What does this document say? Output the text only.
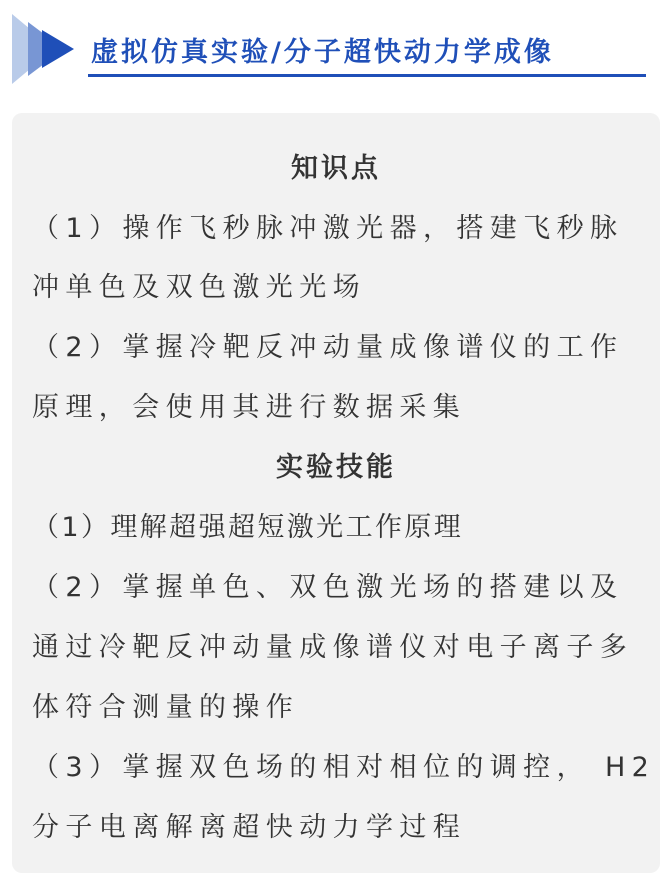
虚拟仿真实验/分子超快动力学成像
知识点
（1）操作飞秒脉冲激光器，搭建飞秒脉
冲单色及双色激光光场
（2）掌握冷靶反冲动量成像谱仪的工作
原理，会使用其进行数据采集
实验技能
（1）理解超强超短激光工作原理
（2）掌握单色、双色激光场的搭建以及
通过冷靶反冲动量成像谱仪对电子离子多
体符合测量的操作
（3）掌握双色场的相对相位的调控， H2
分子电离解离超快动力学过程
